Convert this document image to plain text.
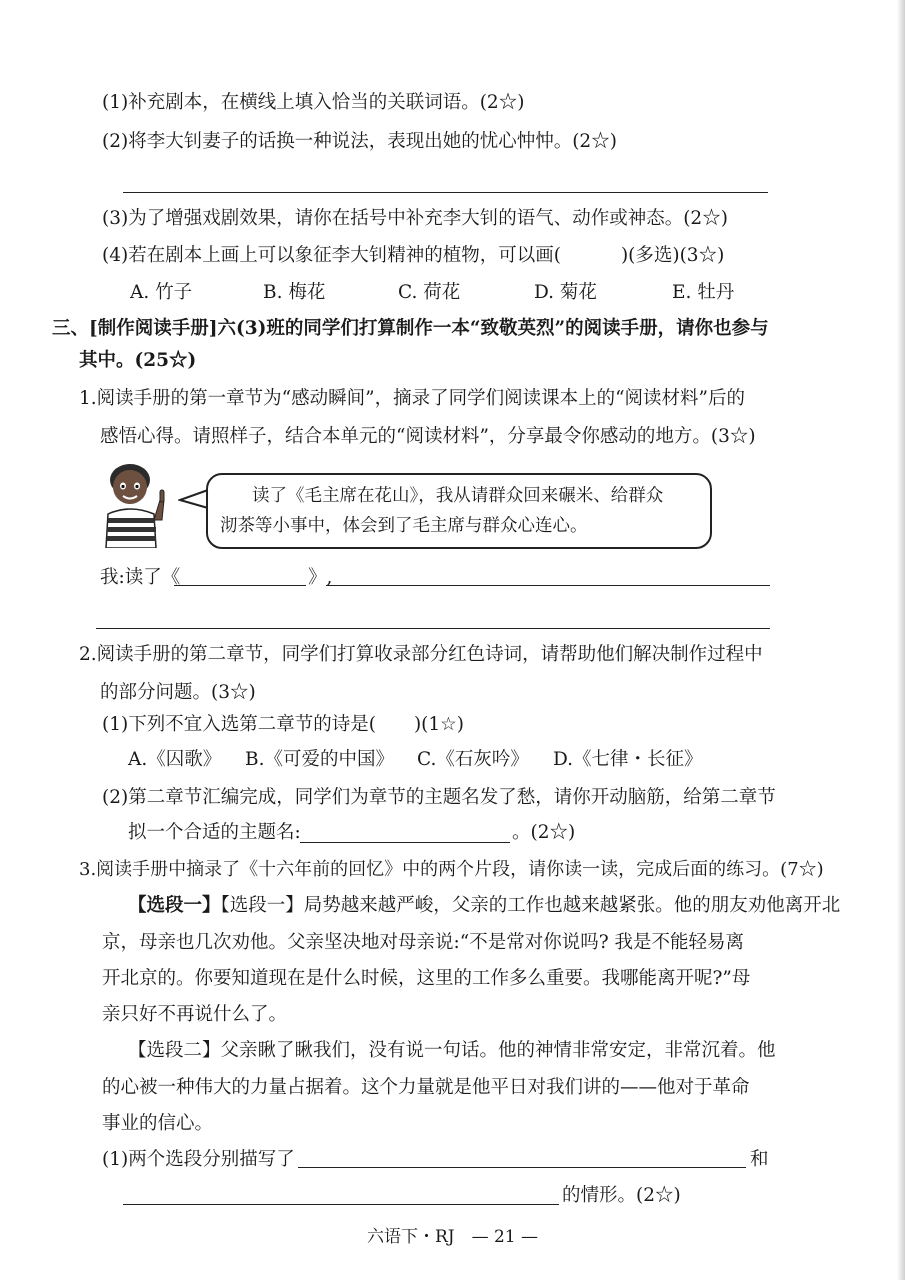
(1)补充剧本，在横线上填入恰当的关联词语。(2☆)
(2)将李大钊妻子的话换一种说法，表现出她的忧心忡忡。(2☆)
(3)为了增强戏剧效果，请你在括号中补充李大钊的语气、动作或神态。(2☆)
(4)若在剧本上画上可以象征李大钊精神的植物，可以画(	)(多选)(3☆)
A. 竹子	B. 梅花	C. 荷花	D. 菊花	E. 牡丹
三、[制作阅读手册]六(3)班的同学们打算制作一本“致敬英烈”的阅读手册，请你也参与
其中。(25☆)
1.阅读手册的第一章节为“感动瞬间”，摘录了同学们阅读课本上的“阅读材料”后的
感悟心得。请照样子，结合本单元的“阅读材料”，分享最令你感动的地方。(3☆)
读了《毛主席在花山》，我从请群众回来碾米、给群众
沏茶等小事中，体会到了毛主席与群众心连心。
我:读了《	》,
2.阅读手册的第二章节，同学们打算收录部分红色诗词，请帮助他们解决制作过程中
的部分问题。(3☆)
(1)下列不宜入选第二章节的诗是( )(1☆)
A.《囚歌》 B.《可爱的中国》 C.《石灰吟》 D.《七律・长征》
(2)第二章节汇编完成，同学们为章节的主题名发了愁，请你开动脑筋，给第二章节
拟一个合适的主题名:	。(2☆)
3.阅读手册中摘录了《十六年前的回忆》中的两个片段，请你读一读，完成后面的练习。(7☆)
【选段一】【选段一】局势越来越严峻，父亲的工作也越来越紧张。他的朋友劝他离开北
京，母亲也几次劝他。父亲坚决地对母亲说:“不是常对你说吗? 我是不能轻易离
开北京的。你要知道现在是什么时候，这里的工作多么重要。我哪能离开呢?”母
亲只好不再说什么了。
【选段二】父亲瞅了瞅我们，没有说一句话。他的神情非常安定，非常沉着。他
的心被一种伟大的力量占据着。这个力量就是他平日对我们讲的——他对于革命
事业的信心。
(1)两个选段分别描写了	和
的情形。(2☆)
六语下・RJ　— 21 —
